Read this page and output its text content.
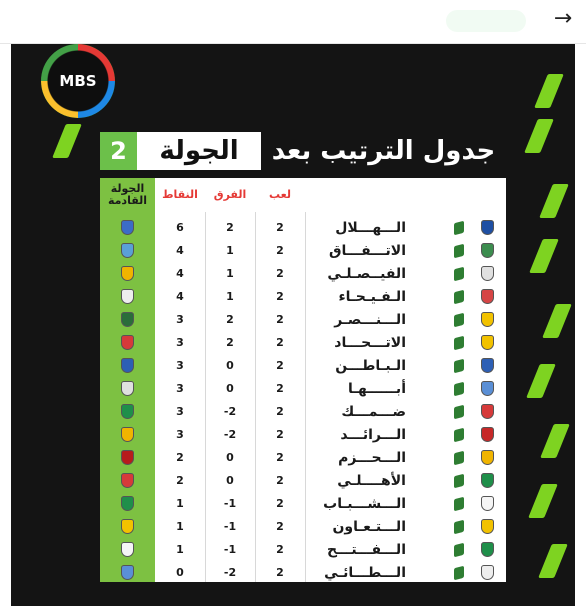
→
MBS
2	الجولة	جدول الترتيب بعد
الجولة القادمة	النقاط	الفرق	لعب
6	2	2	الـــهـــلال
4	1	2	الاتـــفـــاق
4	1	2	الفيــصـلـي
4	1	2	الـفـيـحـاء
3	2	2	الـــنـــصـر
3	2	2	الاتـــحـــاد
3	0	2	الـبـاطـــن
3	0	2	أبــــــهـا
3	-2	2	ضـــمـــك
3	-2	2	الـــرائـــد
2	0	2	الـــحـــزم
2	0	2	الأهــــلـي
1	-1	2	الـــشـــبـاب
1	-1	2	الـــتـعـاون
1	-1	2	الـــفـــتـــح
0	-2	2	الـــطـــائـي
